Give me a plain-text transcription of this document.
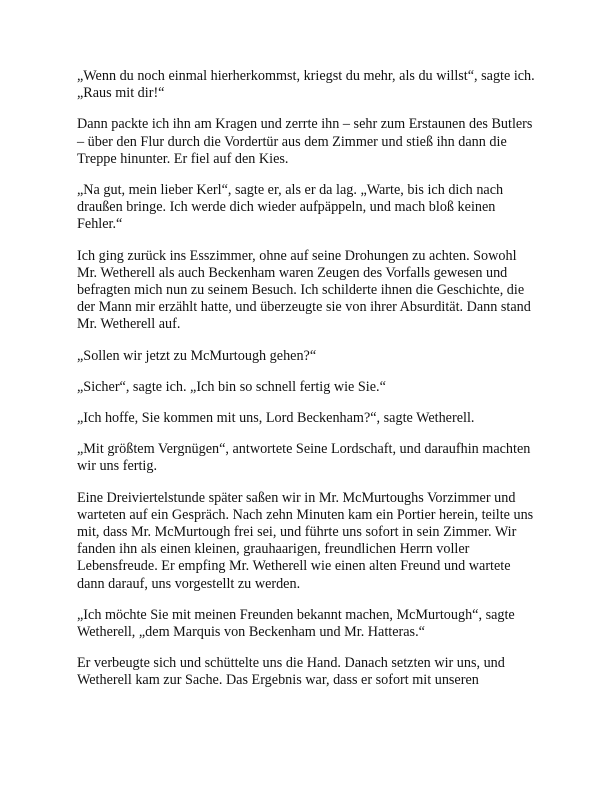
„Wenn du noch einmal hierherkommst, kriegst du mehr, als du willst“, sagte ich. „Raus mit dir!“

Dann packte ich ihn am Kragen und zerrte ihn – sehr zum Erstaunen des Butlers – über den Flur durch die Vordertür aus dem Zimmer und stieß ihn dann die Treppe hinunter. Er fiel auf den Kies.

„Na gut, mein lieber Kerl“, sagte er, als er da lag. „Warte, bis ich dich nach draußen bringe. Ich werde dich wieder aufpäppeln, und mach bloß keinen Fehler.“

Ich ging zurück ins Esszimmer, ohne auf seine Drohungen zu achten. Sowohl Mr. Wetherell als auch Beckenham waren Zeugen des Vorfalls gewesen und befragten mich nun zu seinem Besuch. Ich schilderte ihnen die Geschichte, die der Mann mir erzählt hatte, und überzeugte sie von ihrer Absurdität. Dann stand Mr. Wetherell auf.

„Sollen wir jetzt zu McMurtough gehen?“

„Sicher“, sagte ich. „Ich bin so schnell fertig wie Sie.“

„Ich hoffe, Sie kommen mit uns, Lord Beckenham?“, sagte Wetherell.

„Mit größtem Vergnügen“, antwortete Seine Lordschaft, und daraufhin machten wir uns fertig.

Eine Dreiviertelstunde später saßen wir in Mr. McMurtoughs Vorzimmer und warteten auf ein Gespräch. Nach zehn Minuten kam ein Portier herein, teilte uns mit, dass Mr. McMurtough frei sei, und führte uns sofort in sein Zimmer. Wir fanden ihn als einen kleinen, grauhaarigen, freundlichen Herrn voller Lebensfreude. Er empfing Mr. Wetherell wie einen alten Freund und wartete dann darauf, uns vorgestellt zu werden.

„Ich möchte Sie mit meinen Freunden bekannt machen, McMurtough“, sagte Wetherell, „dem Marquis von Beckenham und Mr. Hatteras.“

Er verbeugte sich und schüttelte uns die Hand. Danach setzten wir uns, und Wetherell kam zur Sache. Das Ergebnis war, dass er sofort mit unseren
